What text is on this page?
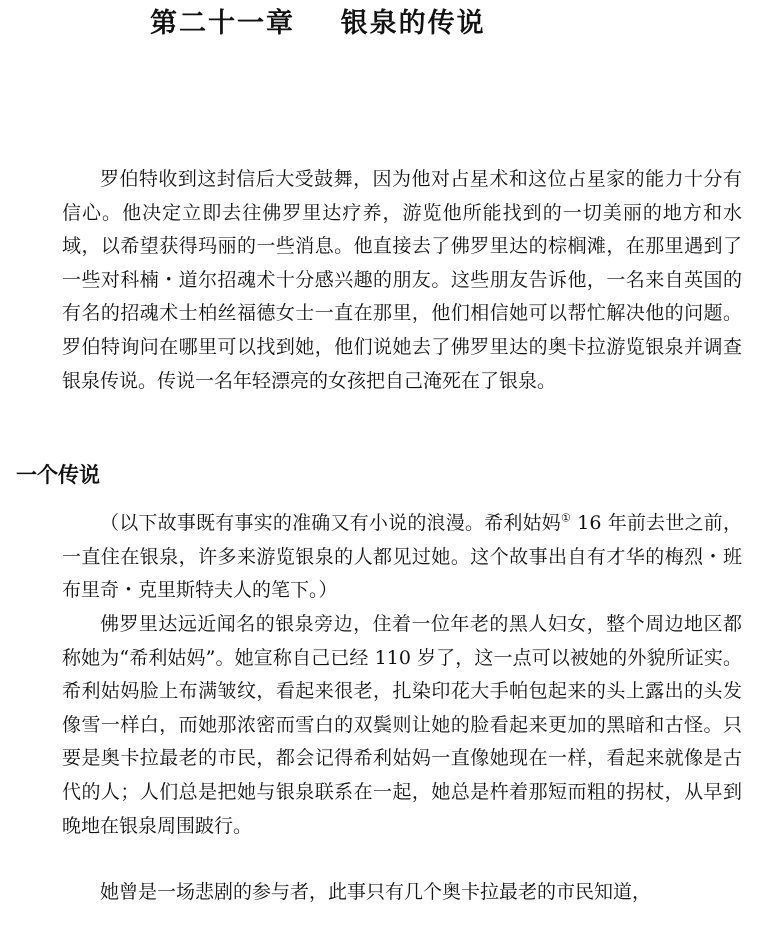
第二十一章    银泉的传说

罗伯特收到这封信后大受鼓舞，因为他对占星术和这位占星家的能力十分有信心。他决定立即去往佛罗里达疗养，游览他所能找到的一切美丽的地方和水域，以希望获得玛丽的一些消息。他直接去了佛罗里达的棕榈滩，在那里遇到了一些对科楠・道尔招魂术十分感兴趣的朋友。这些朋友告诉他，一名来自英国的有名的招魂术士柏丝福德女士一直在那里，他们相信她可以帮忙解决他的问题。罗伯特询问在哪里可以找到她，他们说她去了佛罗里达的奥卡拉游览银泉并调查银泉传说。传说一名年轻漂亮的女孩把自己淹死在了银泉。

一个传说

（以下故事既有事实的准确又有小说的浪漫。希利姑妈① 16 年前去世之前，一直住在银泉，许多来游览银泉的人都见过她。这个故事出自有才华的梅烈・班布里奇・克里斯特夫人的笔下。）

佛罗里达远近闻名的银泉旁边，住着一位年老的黑人妇女，整个周边地区都称她为“希利姑妈”。她宣称自己已经 110 岁了，这一点可以被她的外貌所证实。希利姑妈脸上布满皱纹，看起来很老，扎染印花大手帕包起来的头上露出的头发像雪一样白，而她那浓密而雪白的双鬓则让她的脸看起来更加的黑暗和古怪。只要是奥卡拉最老的市民，都会记得希利姑妈一直像她现在一样，看起来就像是古代的人；人们总是把她与银泉联系在一起，她总是杵着那短而粗的拐杖，从早到晚地在银泉周围跛行。

她曾是一场悲剧的参与者，此事只有几个奥卡拉最老的市民知道，
